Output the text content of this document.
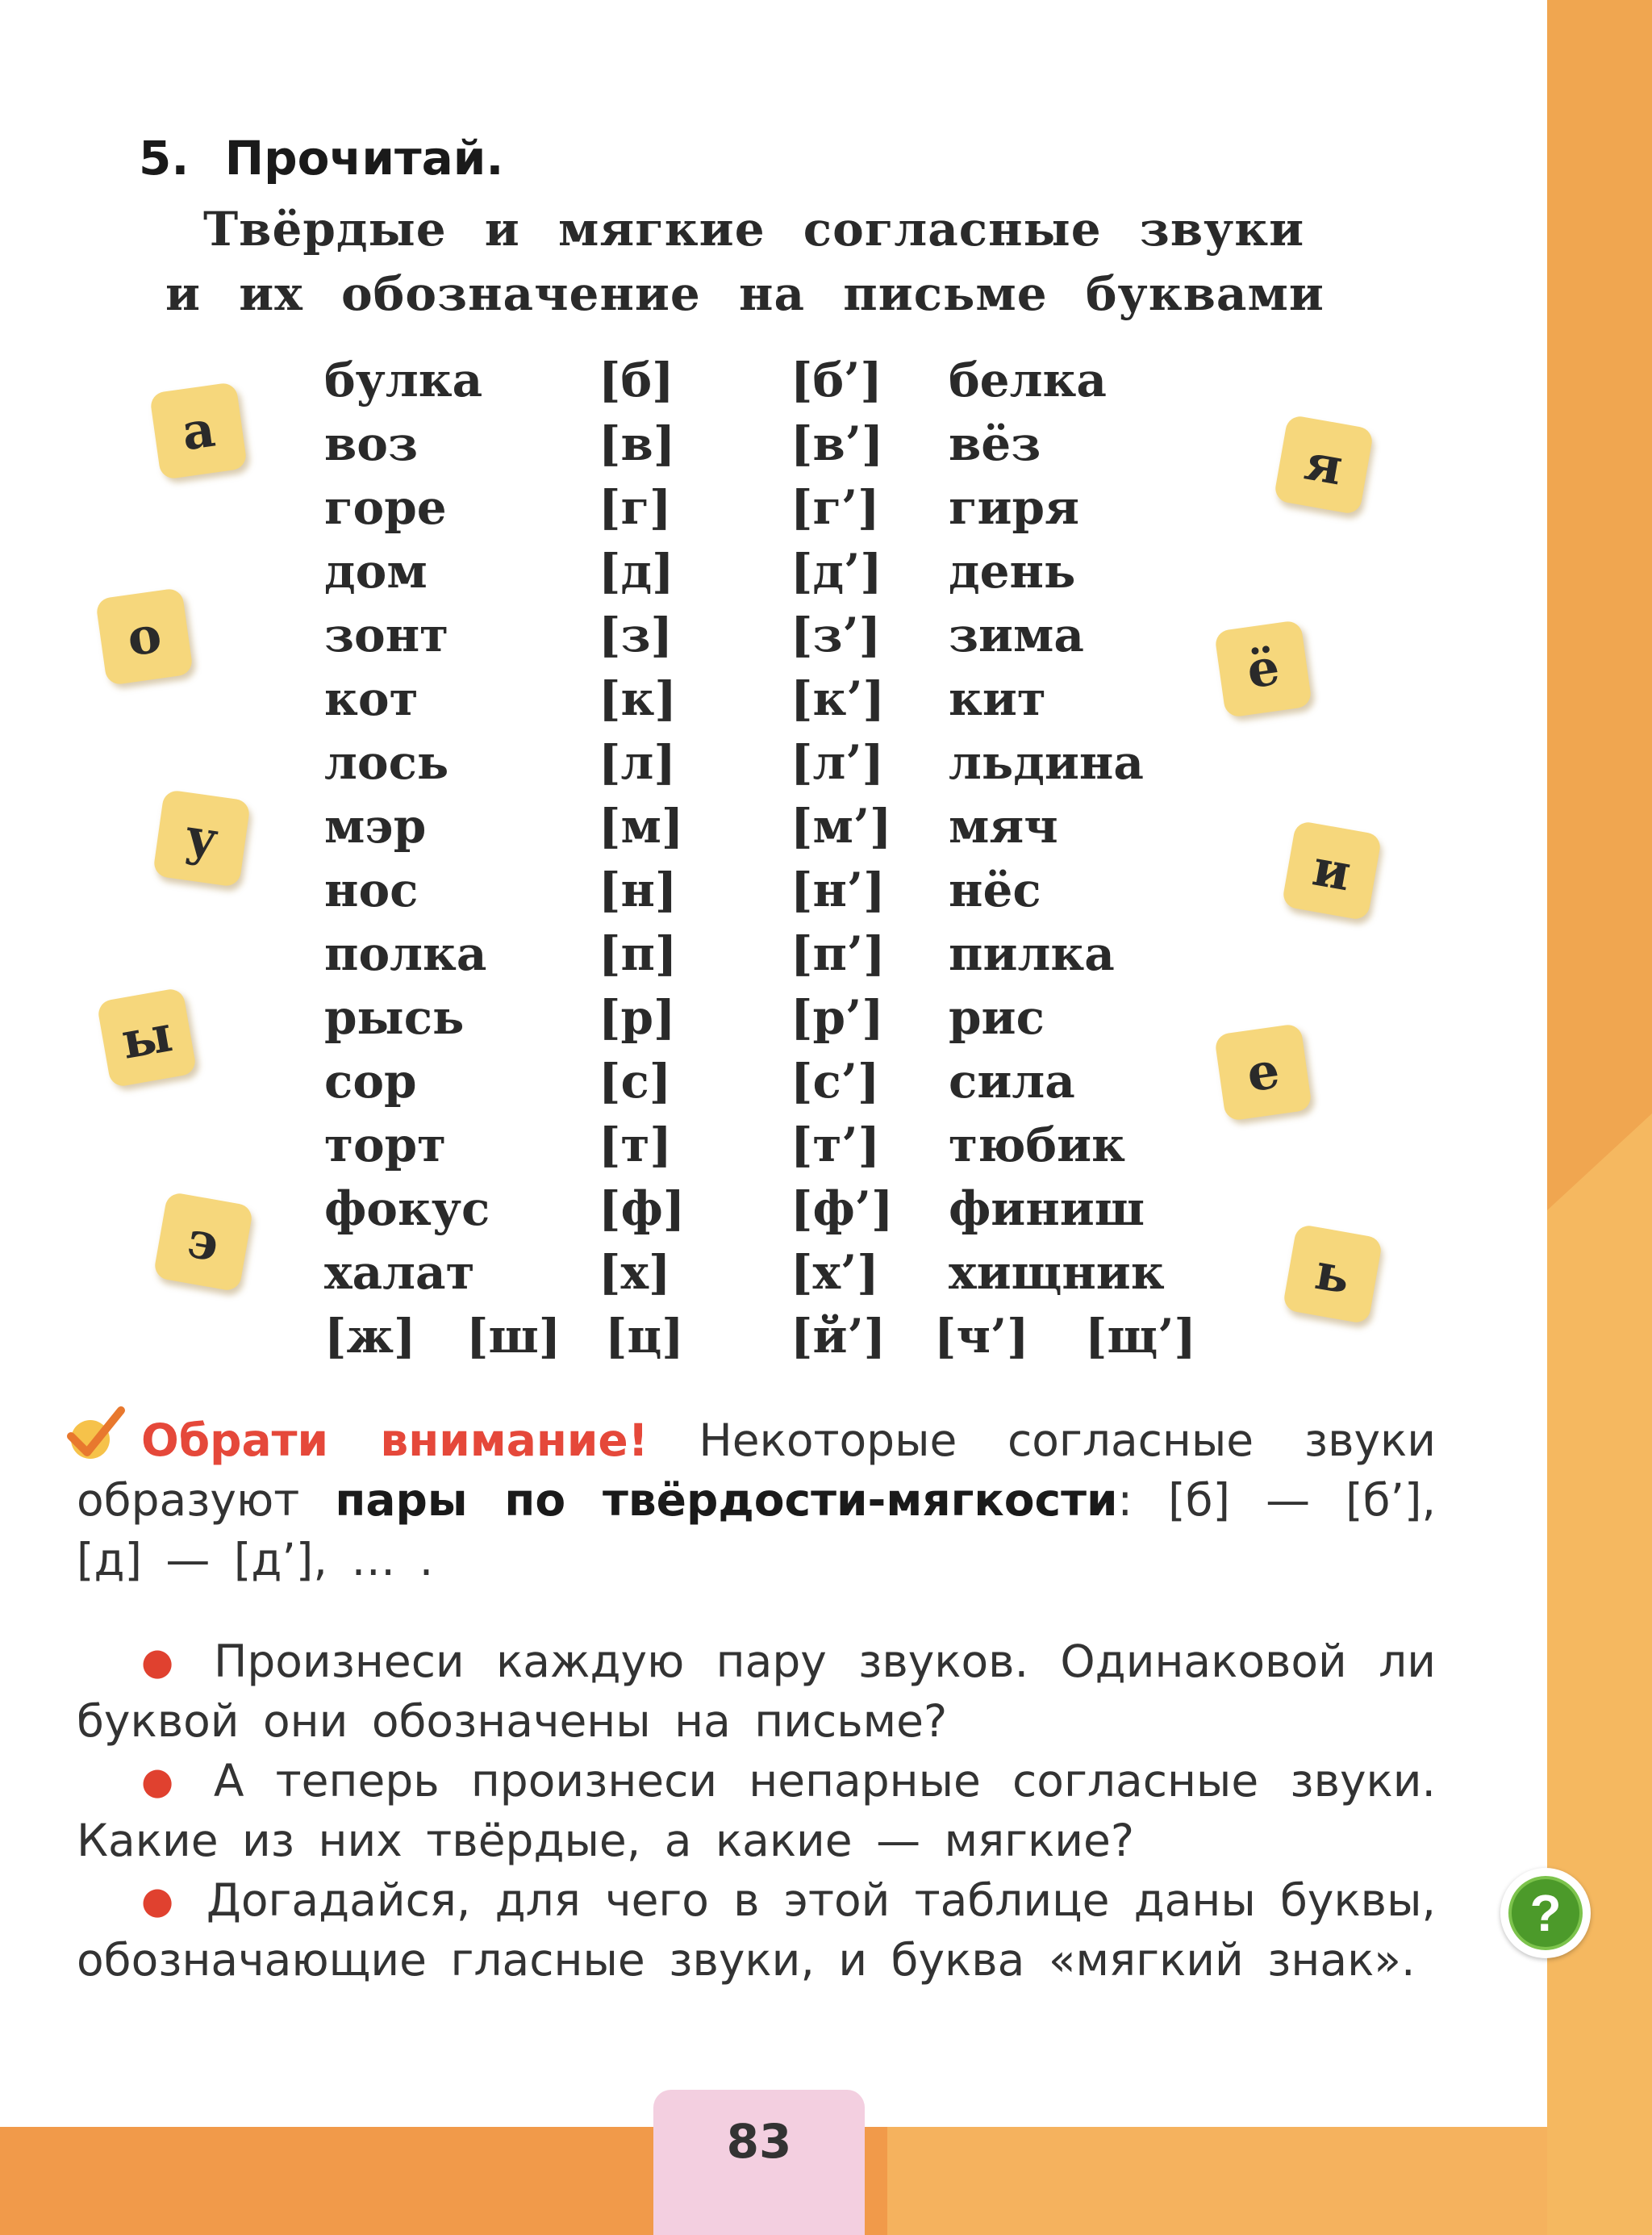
5. Прочитай.
Твёрдые и мягкие согласные звуки
и их обозначение на письме буквами
булка
воз
горе
дом
зонт
кот
лось
мэр
нос
полка
рысь
сор
торт
фокус
халат
[б]
[в]
[г]
[д]
[з]
[к]
[л]
[м]
[н]
[п]
[р]
[с]
[т]
[ф]
[х]
[б’]
[в’]
[г’]
[д’]
[з’]
[к’]
[л’]
[м’]
[н’]
[п’]
[р’]
[с’]
[т’]
[ф’]
[х’]
белка
вёз
гиря
день
зима
кит
льдина
мяч
нёс
пилка
рис
сила
тюбик
финиш
хищник
[ж] [ш] [ц] [й’] [ч’] [щ’]
а
о
у
ы
э
я
ё
и
е
ь

Обрати внимание! Некоторые согласные звуки образуют пары по твёрдости-мягкости: [б] — [б’], [д] — [д’], … .

● Произнеси каждую пару звуков. Одинаковой ли буквой они обозначены на письме?

● А теперь произнеси непарные согласные звуки. Какие из них твёрдые, а какие — мягкие?

● Догадайся, для чего в этой таблице даны буквы, обозначающие гласные звуки, и буква «мягкий знак».

?
83
